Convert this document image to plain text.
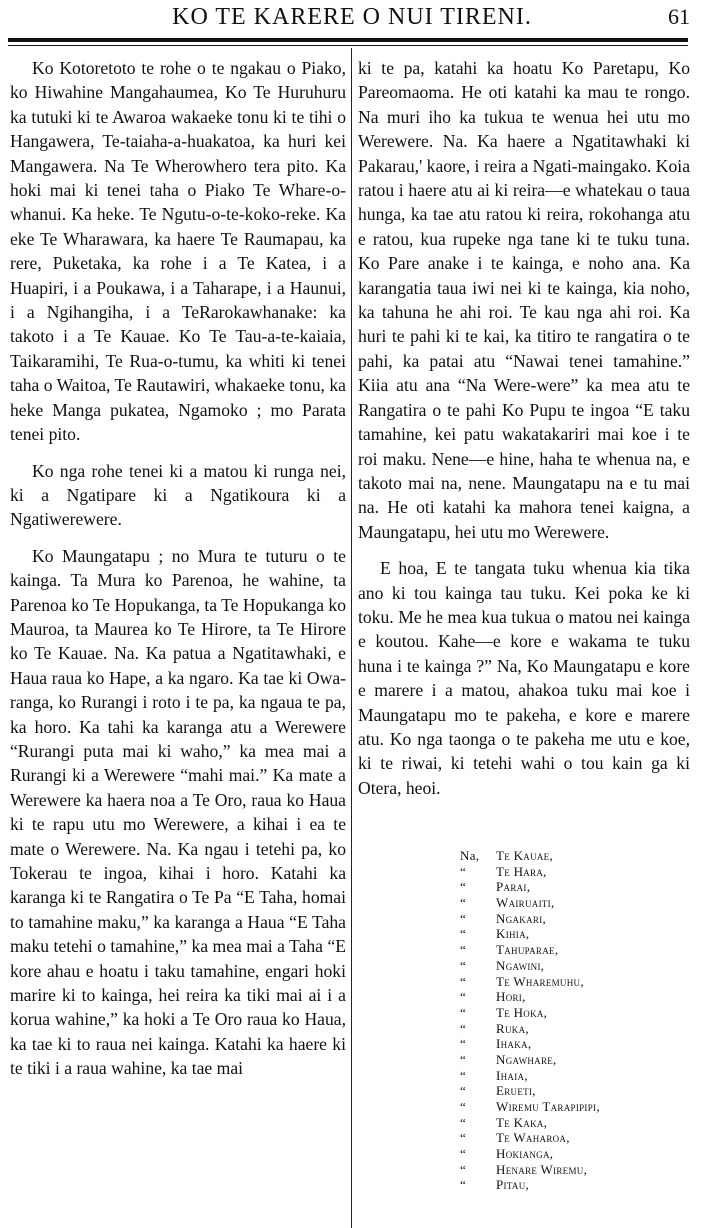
KO TE KARERE O NUI TIRENI.	61

Ko Kotoretoto te rohe o te ngakau o Piako, ko Hiwahine Mangahaumea, Ko Te Huruhuru ka tutuki ki te Awaroa wakaeke tonu ki te tihi o Hangawera, Te-taiaha-a-huakatoa, ka huri kei Mangawera. Na Te Wherowhero tera pito. Ka hoki mai ki tenei taha o Piako Te Whare-o-whanui. Ka heke. Te Ngutu-o-te-koko-reke. Ka eke Te Wharawara, ka haere Te Raumapau, ka rere, Puketaka, ka rohe i a Te Katea, i a Huapiri, i a Poukawa, i a Taharape, i a Haunui, i a Ngihangiha, i a TeRarokawhanake: ka takoto i a Te Kauae. Ko Te Tau-a-te-kaiaia, Taikaramihi, Te Rua-o-tumu, ka whiti ki tenei taha o Waitoa, Te Rautawiri, whakaeke tonu, ka heke Manga pukatea, Ngamoko ; mo Parata tenei pito.

Ko nga rohe tenei ki a matou ki runga nei, ki a Ngatipare ki a Ngatikoura ki a Ngatiwerewere.

Ko Maungatapu ; no Mura te tuturu o te kainga. Ta Mura ko Parenoa, he wahine, ta Parenoa ko Te Hopukanga, ta Te Hopukanga ko Mauroa, ta Maurea ko Te Hirore, ta Te Hirore ko Te Kauae. Na. Ka patua a Ngatitawhaki, e Haua raua ko Hape, a ka ngaro. Ka tae ki Owa-ranga, ko Rurangi i roto i te pa, ka ngaua te pa, ka horo. Ka tahi ka karanga atu a Werewere “Rurangi puta mai ki waho,” ka mea mai a Rurangi ki a Werewere “mahi mai.” Ka mate a Werewere ka haera noa a Te Oro, raua ko Haua ki te rapu utu mo Werewere, a kihai i ea te mate o Werewere. Na. Ka ngau i tetehi pa, ko Tokerau te ingoa, kihai i horo. Katahi ka karanga ki te Rangatira o Te Pa “E Taha, homai to tamahine maku,” ka karanga a Haua “E Taha maku tetehi o tamahine,” ka mea mai a Taha “E kore ahau e hoatu i taku tamahine, engari hoki marire ki to kainga, hei reira ka tiki mai ai i a korua wahine,” ka hoki a Te Oro raua ko Haua, ka tae ki to raua nei kainga. Katahi ka haere ki te tiki i a raua wahine, ka tae mai

ki te pa, katahi ka hoatu Ko Paretapu, Ko Pareomaoma. He oti katahi ka mau te rongo. Na muri iho ka tukua te wenua hei utu mo Werewere. Na. Ka haere a Ngatitawhaki ki Pakarau,' kaore, i reira a Ngati-maingako. Koia ratou i haere atu ai ki reira—e whatekau o taua hunga, ka tae atu ratou ki reira, rokohanga atu e ratou, kua rupeke nga tane ki te tuku tuna. Ko Pare anake i te kainga, e noho ana. Ka karangatia taua iwi nei ki te kainga, kia noho, ka tahuna he ahi roi. Te kau nga ahi roi. Ka huri te pahi ki te kai, ka titiro te rangatira o te pahi, ka patai atu “Nawai tenei tamahine.” Kiia atu ana “Na Were-were” ka mea atu te Rangatira o te pahi Ko Pupu te ingoa “E taku tamahine, kei patu wakatakariri mai koe i te roi maku. Nene—e hine, haha te whenua na, e takoto mai na, nene. Maungatapu na e tu mai na. He oti katahi ka mahora tenei kaigna, a Maungatapu, hei utu mo Werewere.

E hoa, E te tangata tuku whenua kia tika ano ki tou kainga tau tuku. Kei poka ke ki toku. Me he mea kua tukua o matou nei kainga e koutou. Kahe—e kore e wakama te tuku huna i te kainga ?” Na, Ko Maungatapu e kore e marere i a matou, ahakoa tuku mai koe i Maungatapu mo te pakeha, e kore e marere atu. Ko nga taonga o te pakeha me utu e koe, ki te riwai, ki tetehi wahi o tou kain ga ki Otera, heoi.

Na, Te Kauae,
“ Te Hara,
“ Parai,
“ Wairuaiti,
“ Ngakari,
“ Kihia,
“ Tahuparae,
“ Ngawini,
“ Te Wharemuhu,
“ Hori,
“ Te Hoka,
“ Ruka,
“ Ihaka,
“ Ngawhare,
“ Ihaia,
“ Erueti,
“ Wiremu Tarapipipi,
“ Te Kaka,
“ Te Waharoa,
“ Hokianga,
“ Henare Wiremu,
“ Pitau,
